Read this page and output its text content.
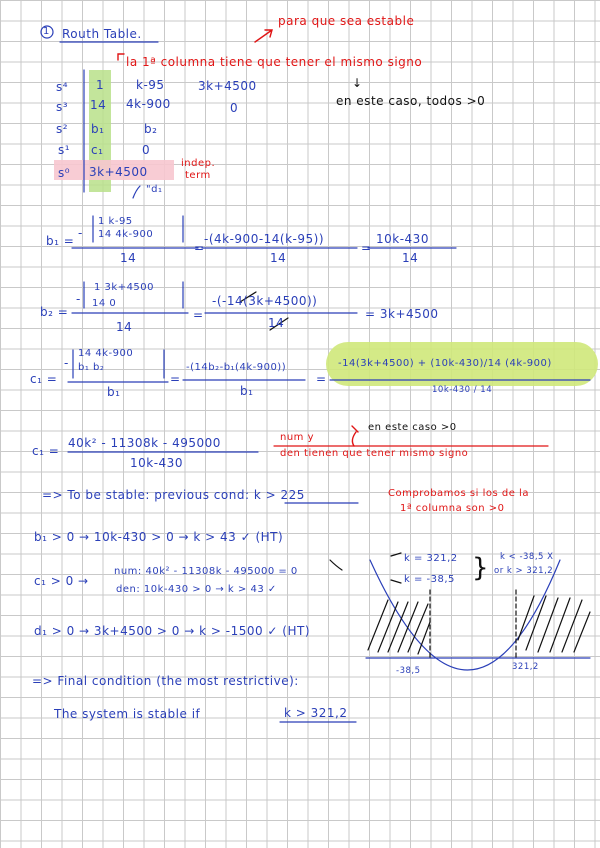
1 Routh Table.
para que sea estable
la 1ª columna tiene que tener el mismo signo
↓
en este caso, todos >0
s⁴ 1	k-95	3k+4500
s³ 14 4k-900	0
s² b₁	b₂
s¹ c₁	0
s⁰ 3k+4500
indep.
term
"d₁
b₁ =
-
1 k-95
14 4k-900
14
=
-(4k-900-14(k-95))
14
=
10k-430
14
b₂ =
-
1 3k+4500
14 0
14
=
-(-14(3k+4500))
14
= 3k+4500
c₁ =
-
14 4k-900
b₁ b₂
b₁
=
-(14b₂-b₁(4k-900))
b₁
=
-14(3k+4500) + (10k-430)/14 (4k-900)
10k-430 / 14
c₁ =
40k² - 11308k - 495000
10k-430
num y
den tienen que tener mismo signo
en este caso >0
=> To be stable: previous cond: k > 225	Comprobamos si los de la
1ª columna son >0
b₁ > 0 → 10k-430 > 0 → k > 43 ✓ (HT)
c₁ > 0 →
num: 40k² - 11308k - 495000 = 0
den: 10k-430 > 0 → k > 43 ✓
k = 321,2
k = -38,5 } k < -38,5 X
or k > 321,2
d₁ > 0 → 3k+4500 > 0 → k > -1500 ✓ (HT)
-38,5	321,2
=> Final condition (the most restrictive):
The system is stable if	k > 321,2
